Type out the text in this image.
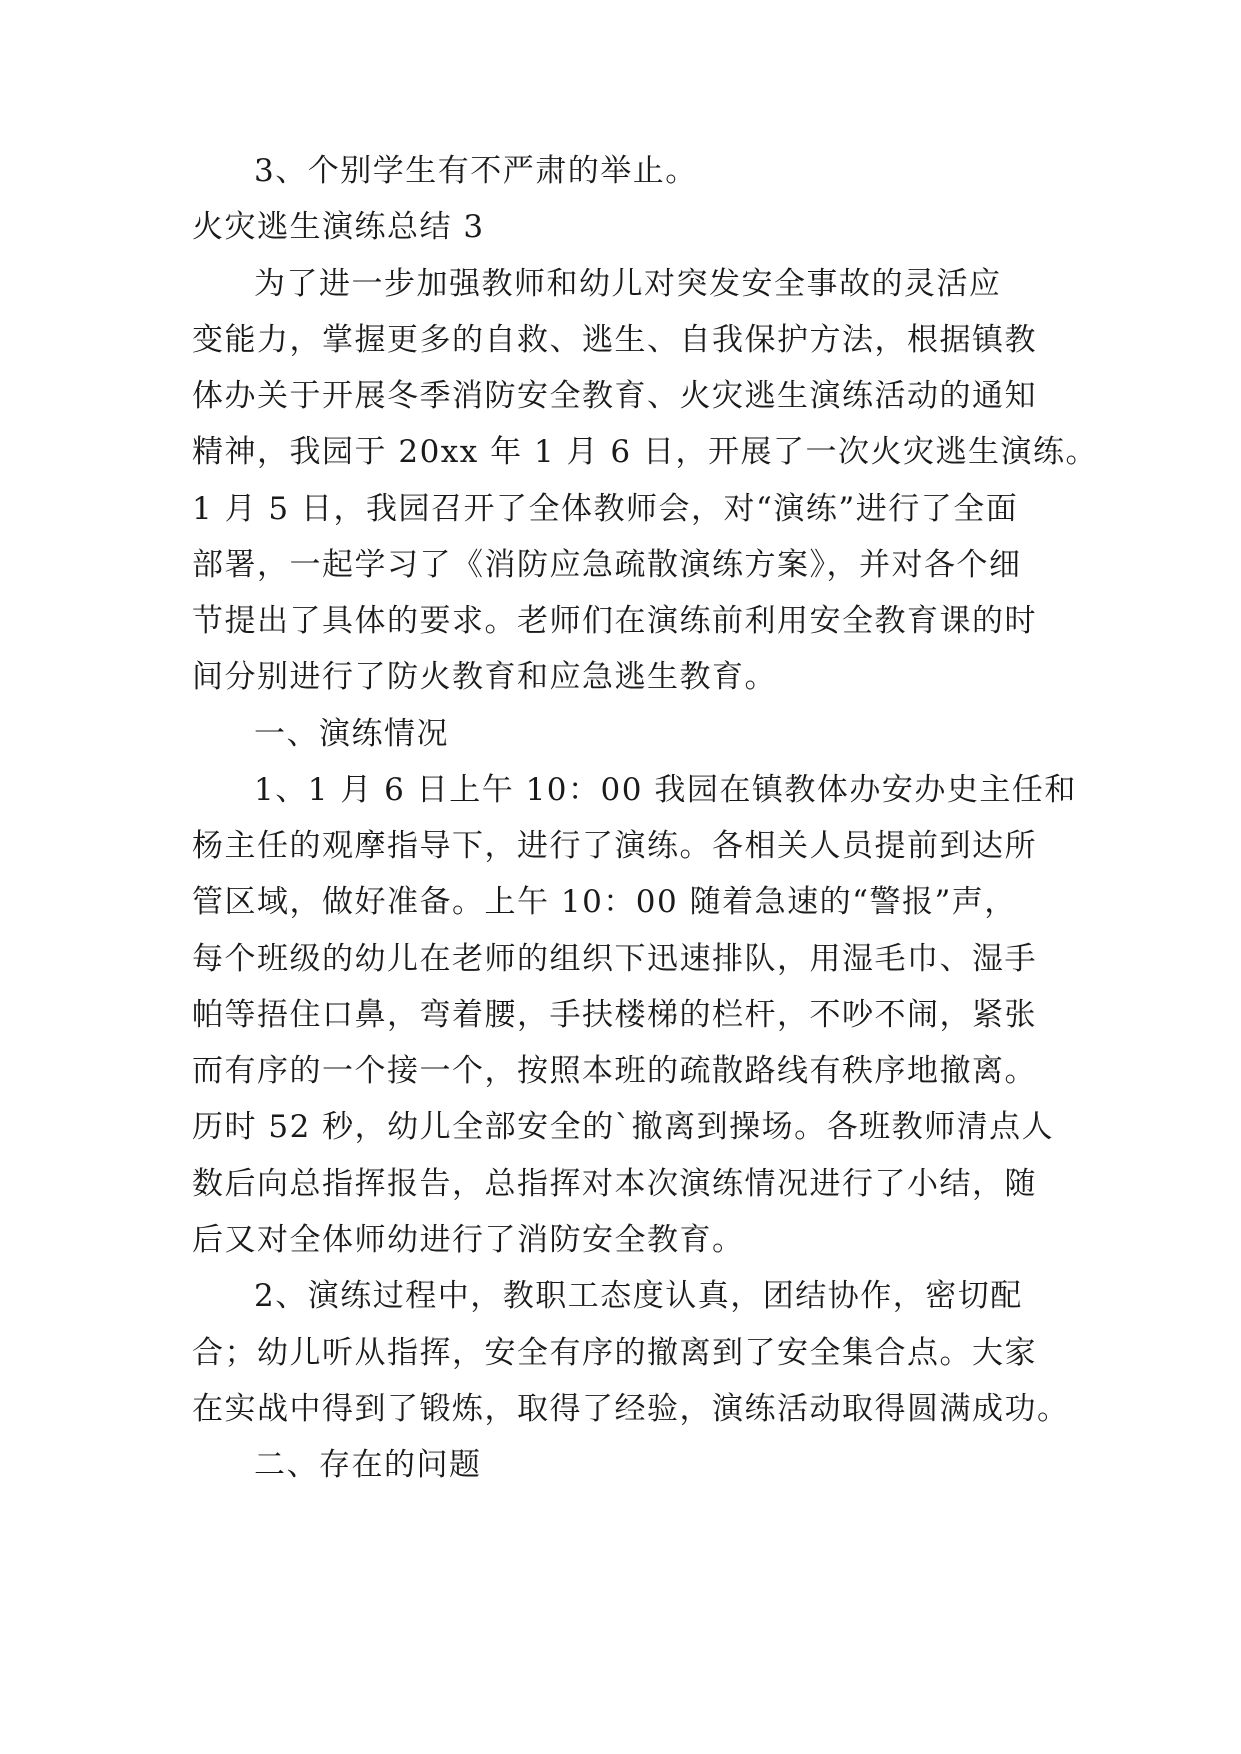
3、个别学生有不严肃的举止。
火灾逃生演练总结 3
为了进一步加强教师和幼儿对突发安全事故的灵活应
变能力，掌握更多的自救、逃生、自我保护方法，根据镇教
体办关于开展冬季消防安全教育、火灾逃生演练活动的通知
精神，我园于 20xx 年 1 月 6 日，开展了一次火灾逃生演练。
1 月 5 日，我园召开了全体教师会，对“演练”进行了全面
部署，一起学习了《消防应急疏散演练方案》，并对各个细
节提出了具体的要求。老师们在演练前利用安全教育课的时
间分别进行了防火教育和应急逃生教育。
一、演练情况
1、1 月 6 日上午 10：00 我园在镇教体办安办史主任和
杨主任的观摩指导下，进行了演练。各相关人员提前到达所
管区域，做好准备。上午 10：00 随着急速的“警报”声，
每个班级的幼儿在老师的组织下迅速排队，用湿毛巾、湿手
帕等捂住口鼻，弯着腰，手扶楼梯的栏杆，不吵不闹，紧张
而有序的一个接一个，按照本班的疏散路线有秩序地撤离。
历时 52 秒，幼儿全部安全的`撤离到操场。各班教师清点人
数后向总指挥报告，总指挥对本次演练情况进行了小结，随
后又对全体师幼进行了消防安全教育。
2、演练过程中，教职工态度认真，团结协作，密切配
合；幼儿听从指挥，安全有序的撤离到了安全集合点。大家
在实战中得到了锻炼，取得了经验，演练活动取得圆满成功。
二、存在的问题
